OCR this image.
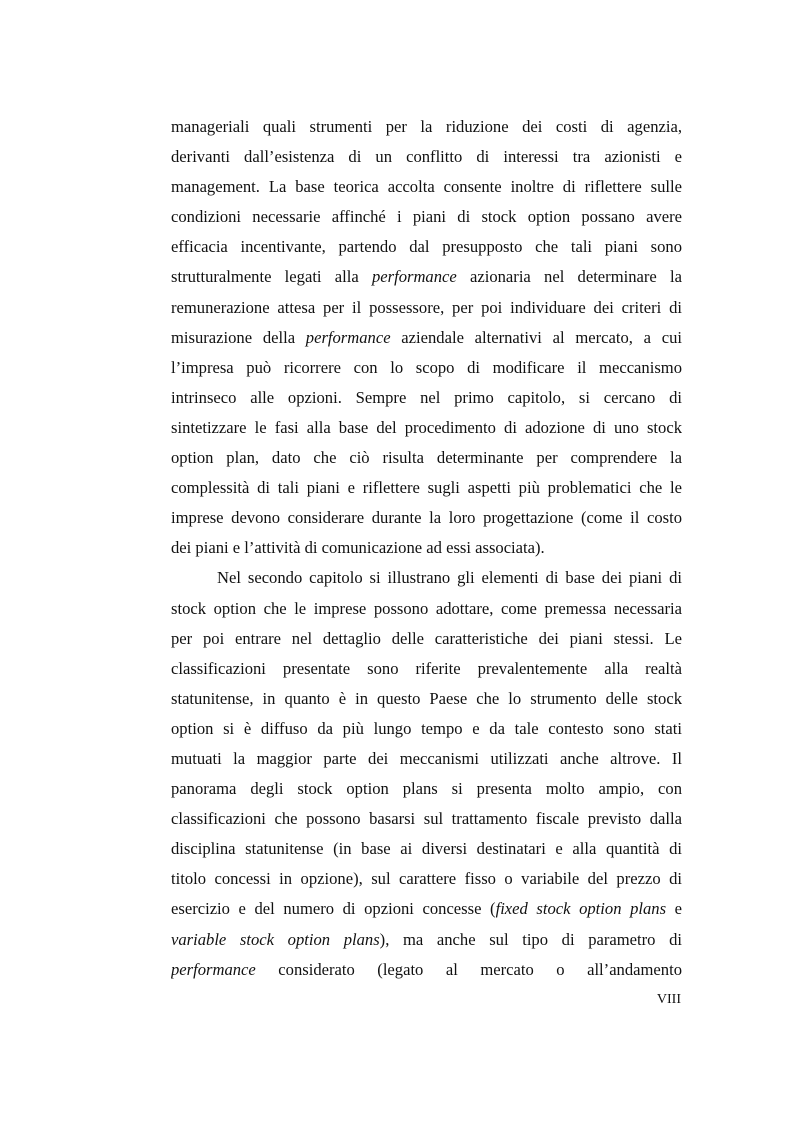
manageriali quali strumenti per la riduzione dei costi di agenzia,
derivanti dall’esistenza di un conflitto di interessi tra azionisti e
management. La base teorica accolta consente inoltre di riflettere sulle
condizioni necessarie affinché i piani di stock option possano avere
efficacia incentivante, partendo dal presupposto che tali piani sono
strutturalmente legati alla performance azionaria nel determinare la
remunerazione attesa per il possessore, per poi individuare dei criteri di
misurazione della performance aziendale alternativi al mercato, a cui
l’impresa può ricorrere con lo scopo di modificare il meccanismo
intrinseco alle opzioni. Sempre nel primo capitolo, si cercano di
sintetizzare le fasi alla base del procedimento di adozione di uno stock
option plan, dato che ciò risulta determinante per comprendere la
complessità di tali piani e riflettere sugli aspetti più problematici che le
imprese devono considerare durante la loro progettazione (come il costo
dei piani e l’attività di comunicazione ad essi associata).
Nel secondo capitolo si illustrano gli elementi di base dei piani di
stock option che le imprese possono adottare, come premessa necessaria
per poi entrare nel dettaglio delle caratteristiche dei piani stessi. Le
classificazioni presentate sono riferite prevalentemente alla realtà
statunitense, in quanto è in questo Paese che lo strumento delle stock
option si è diffuso da più lungo tempo e da tale contesto sono stati
mutuati la maggior parte dei meccanismi utilizzati anche altrove. Il
panorama degli stock option plans si presenta molto ampio, con
classificazioni che possono basarsi sul trattamento fiscale previsto dalla
disciplina statunitense (in base ai diversi destinatari e alla quantità di
titolo concessi in opzione), sul carattere fisso o variabile del prezzo di
esercizio e del numero di opzioni concesse (fixed stock option plans e
variable stock option plans), ma anche sul tipo di parametro di
performance considerato (legato al mercato o all’andamento
VIII
